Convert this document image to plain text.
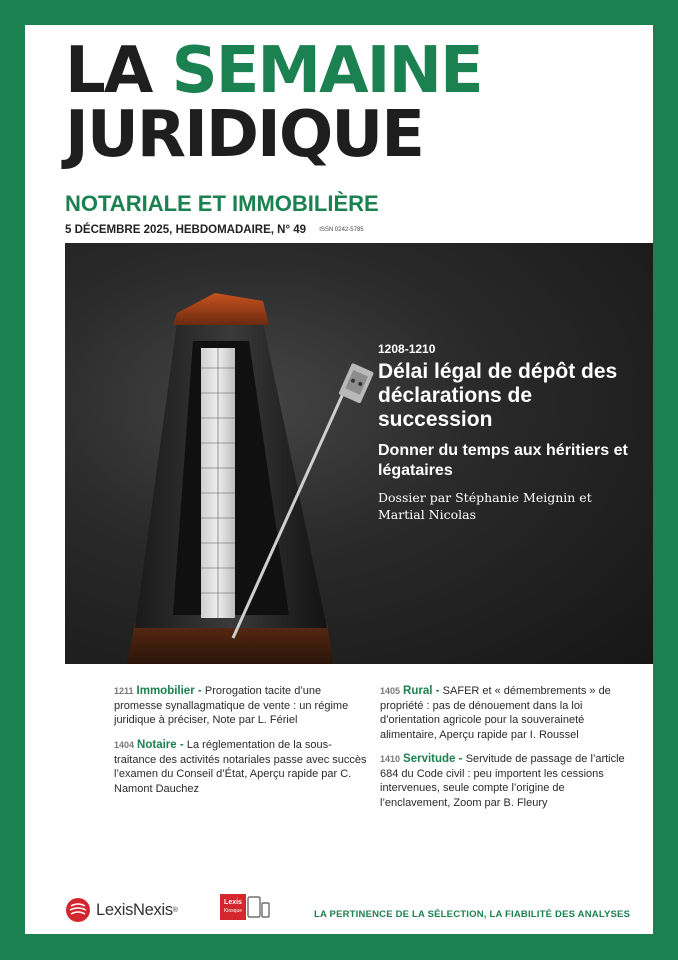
LA SEMAINE
JURIDIQUE
NOTARIALE ET IMMOBILIÈRE
5 DÉCEMBRE 2025, HEBDOMADAIRE, N° 49 ISSN 0242-5785
1208-1210
Délai légal de dépôt des déclarations de succession
Donner du temps aux héritiers et légataires
Dossier par Stéphanie Meignin et Martial Nicolas
1211 Immobilier - Prorogation tacite d’une promesse synallagmatique de vente : un régime juridique à préciser, Note par L. Fériel
1404 Notaire - La réglementation de la sous-traitance des activités notariales passe avec succès l’examen du Conseil d’État, Aperçu rapide par C. Namont Dauchez
1405 Rural - SAFER et « démembrements » de propriété : pas de dénouement dans la loi d’orientation agricole pour la souveraineté alimentaire, Aperçu rapide par I. Roussel
1410 Servitude - Servitude de passage de l’article 684 du Code civil : peu importent les cessions intervenues, seule compte l’origine de l’enclavement, Zoom par B. Fleury
LexisNexis ®
Lexis
Kiosque	LA PERTINENCE DE LA SÉLECTION, LA FIABILITÉ DES ANALYSES
